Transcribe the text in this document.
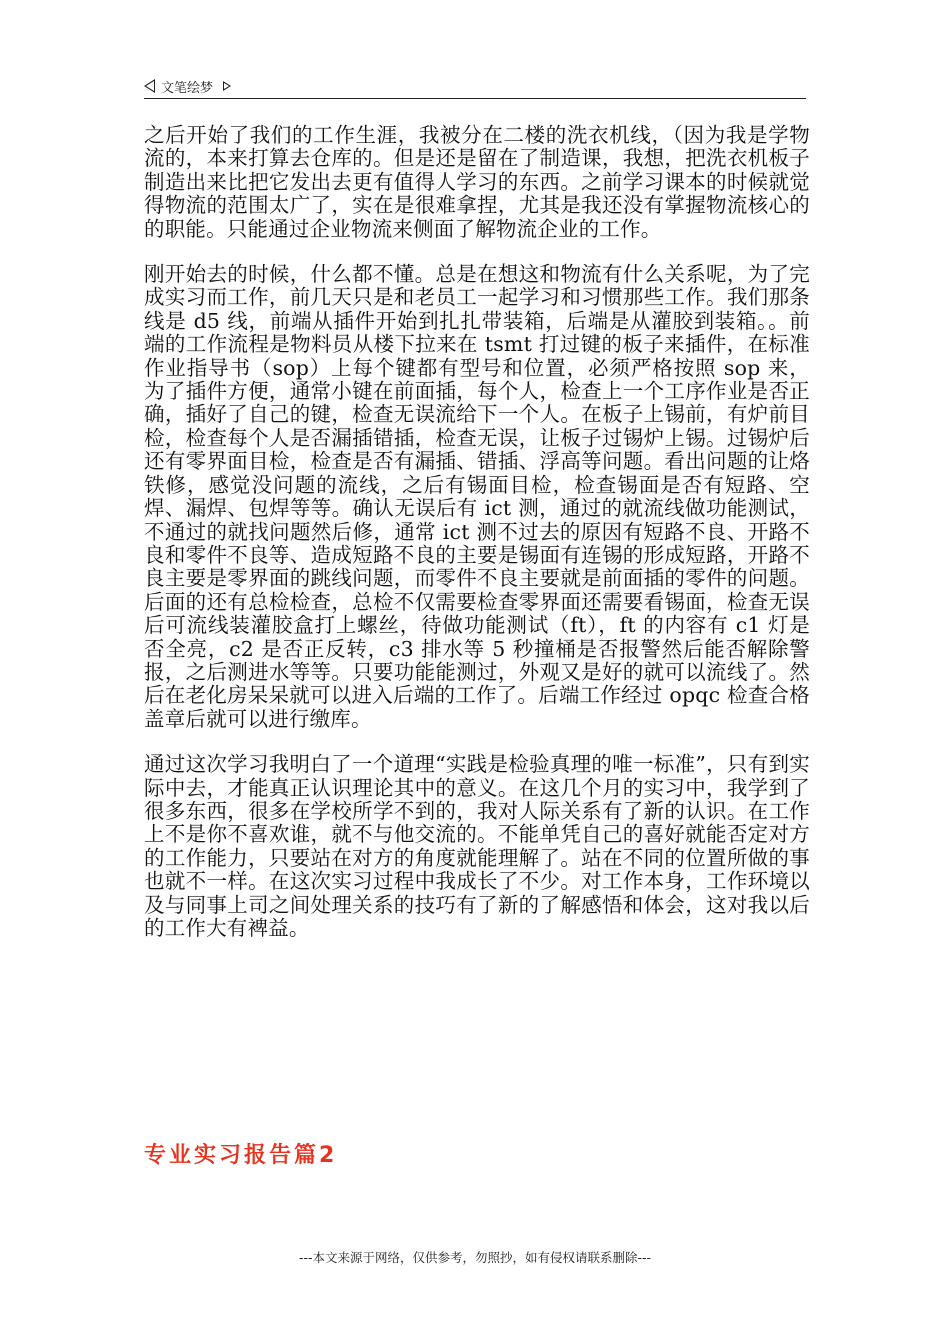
文笔绘梦

之后开始了我们的工作生涯，我被分在二楼的洗衣机线，（因为我是学物流的，本来打算去仓库的。但是还是留在了制造课，我想，把洗衣机板子制造出来比把它发出去更有值得人学习的东西。之前学习课本的时候就觉得物流的范围太广了，实在是很难拿捏，尤其是我还没有掌握物流核心的的职能。只能通过企业物流来侧面了解物流企业的工作。

刚开始去的时候，什么都不懂。总是在想这和物流有什么关系呢，为了完成实习而工作，前几天只是和老员工一起学习和习惯那些工作。我们那条线是 d5 线，前端从插件开始到扎扎带装箱，后端是从灌胶到装箱。。前端的工作流程是物料员从楼下拉来在 tsmt 打过键的板子来插件，在标准作业指导书（sop）上每个键都有型号和位置，必须严格按照 sop 来，为了插件方便，通常小键在前面插，每个人，检查上一个工序作业是否正确，插好了自己的键，检查无误流给下一个人。在板子上锡前，有炉前目检，检查每个人是否漏插错插，检查无误，让板子过锡炉上锡。过锡炉后还有零界面目检，检查是否有漏插、错插、浮高等问题。看出问题的让烙铁修，感觉没问题的流线，之后有锡面目检，检查锡面是否有短路、空焊、漏焊、包焊等等。确认无误后有 ict 测，通过的就流线做功能测试，不通过的就找问题然后修，通常 ict 测不过去的原因有短路不良、开路不良和零件不良等、造成短路不良的主要是锡面有连锡的形成短路，开路不良主要是零界面的跳线问题，而零件不良主要就是前面插的零件的问题。后面的还有总检检查，总检不仅需要检查零界面还需要看锡面，检查无误后可流线装灌胶盒打上螺丝，待做功能测试（ft），ft 的内容有 c1 灯是否全亮，c2 是否正反转，c3 排水等 5 秒撞桶是否报警然后能否解除警报，之后测进水等等。只要功能能测过，外观又是好的就可以流线了。然后在老化房呆呆就可以进入后端的工作了。后端工作经过 opqc 检查合格盖章后就可以进行缴库。

通过这次学习我明白了一个道理“实践是检验真理的唯一标准”，只有到实际中去，才能真正认识理论其中的意义。在这几个月的实习中，我学到了很多东西，很多在学校所学不到的，我对人际关系有了新的认识。在工作上不是你不喜欢谁，就不与他交流的。不能单凭自己的喜好就能否定对方的工作能力，只要站在对方的角度就能理解了。站在不同的位置所做的事也就不一样。在这次实习过程中我成长了不少。对工作本身，工作环境以及与同事上司之间处理关系的技巧有了新的了解感悟和体会，这对我以后的工作大有裨益。

专业实习报告篇2
---本文来源于网络，仅供参考，勿照抄，如有侵权请联系删除---
